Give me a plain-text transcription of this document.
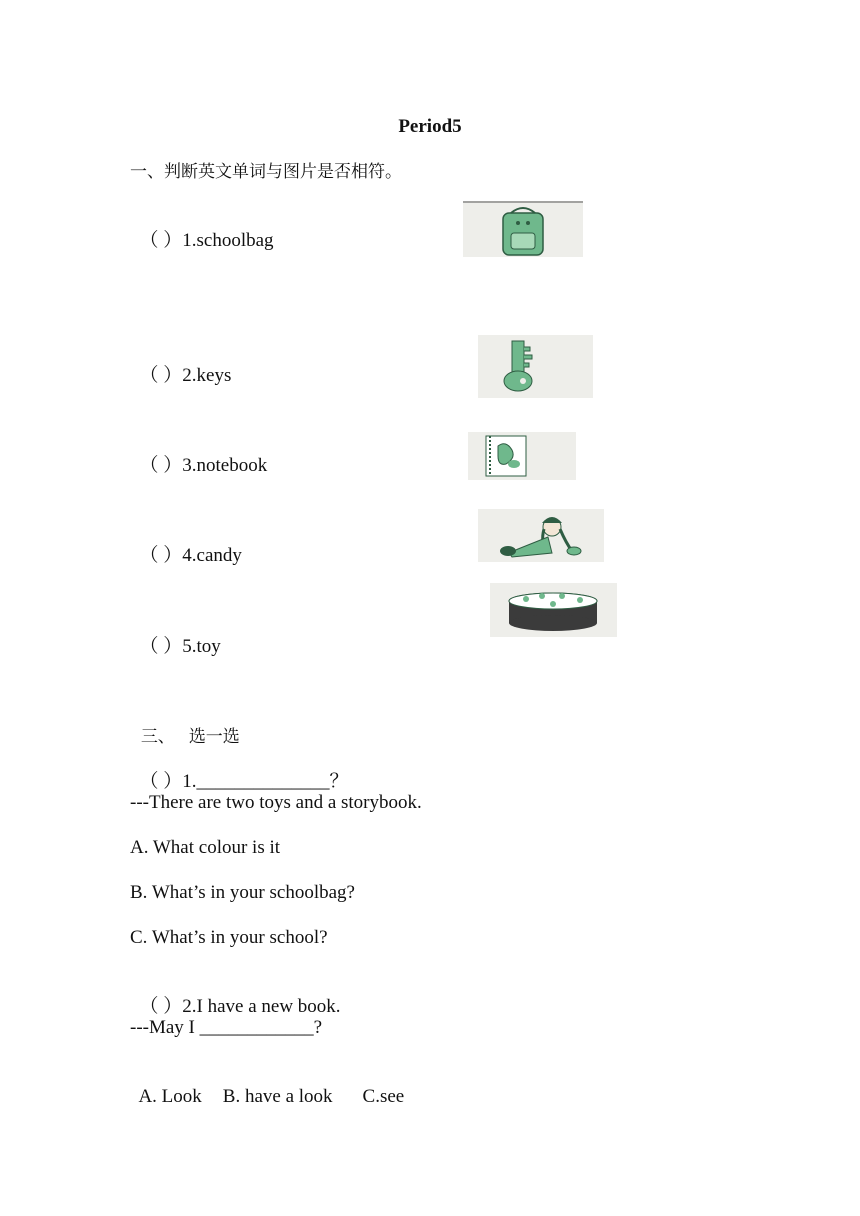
Period5
一、判断英文单词与图片是否相符。

（ ）1.schoolbag

（ ）2.keys

（ ）3.notebook

（ ）4.candy

（ ）5.toy

三、 选一选

（ ）1.______________？

---There are two toys and a storybook.
A. What colour is it
B. What’s in your schoolbag?
C. What’s in your school?

（ ）2.I have a new book.

---May I ____________?

A. Look B. have a look C.see
